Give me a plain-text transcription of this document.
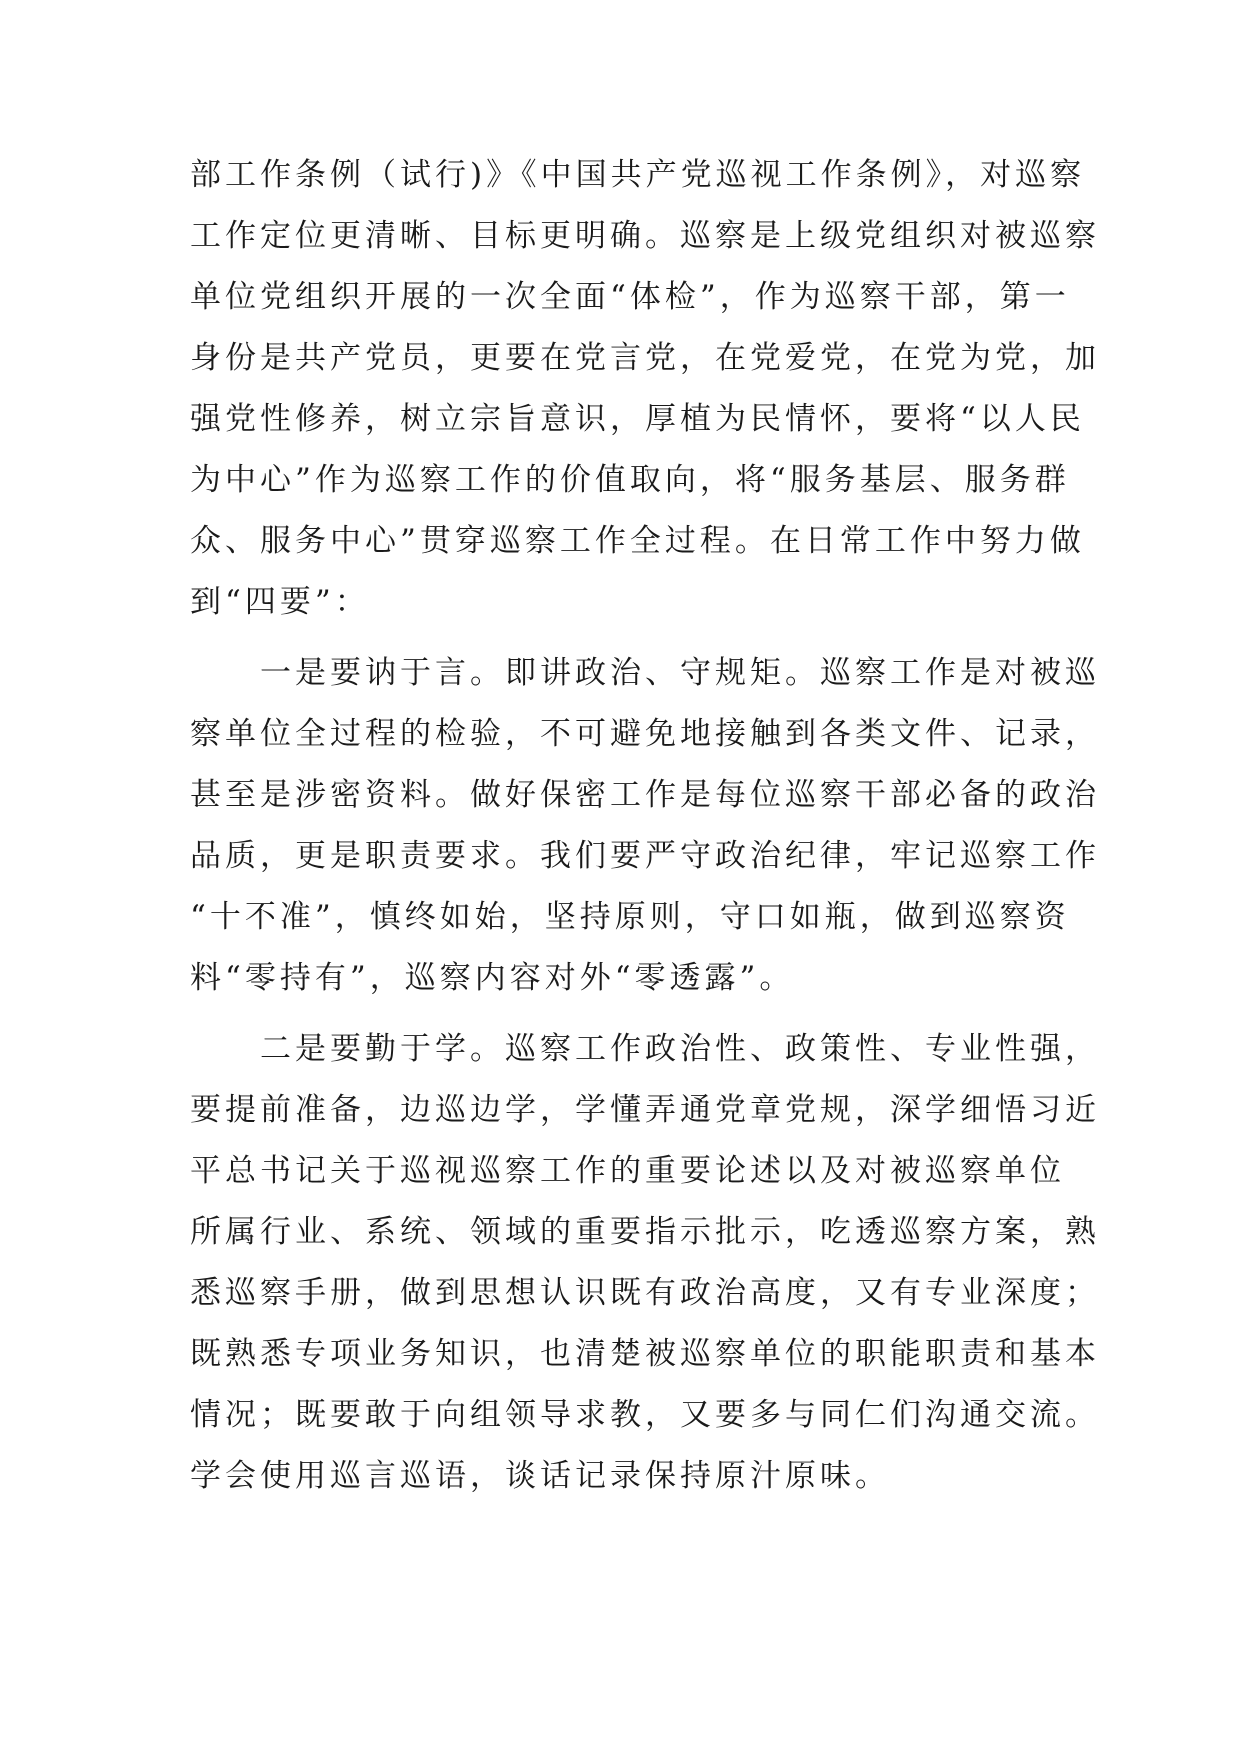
部工作条例（试行)》《中国共产党巡视工作条例》，对巡察
工作定位更清晰、目标更明确。巡察是上级党组织对被巡察
单位党组织开展的一次全面“体检”，作为巡察干部，第一
身份是共产党员，更要在党言党，在党爱党，在党为党，加
强党性修养，树立宗旨意识，厚植为民情怀，要将“以人民
为中心”作为巡察工作的价值取向，将“服务基层、服务群
众、服务中心”贯穿巡察工作全过程。在日常工作中努力做
到“四要”：
　　一是要讷于言。即讲政治、守规矩。巡察工作是对被巡
察单位全过程的检验，不可避免地接触到各类文件、记录，
甚至是涉密资料。做好保密工作是每位巡察干部必备的政治
品质，更是职责要求。我们要严守政治纪律，牢记巡察工作
“十不准”，慎终如始，坚持原则，守口如瓶，做到巡察资
料“零持有”，巡察内容对外“零透露”。
　　二是要勤于学。巡察工作政治性、政策性、专业性强，
要提前准备，边巡边学，学懂弄通党章党规，深学细悟习近
平总书记关于巡视巡察工作的重要论述以及对被巡察单位
所属行业、系统、领域的重要指示批示，吃透巡察方案，熟
悉巡察手册，做到思想认识既有政治高度，又有专业深度；
既熟悉专项业务知识，也清楚被巡察单位的职能职责和基本
情况；既要敢于向组领导求教，又要多与同仁们沟通交流。
学会使用巡言巡语，谈话记录保持原汁原味。
